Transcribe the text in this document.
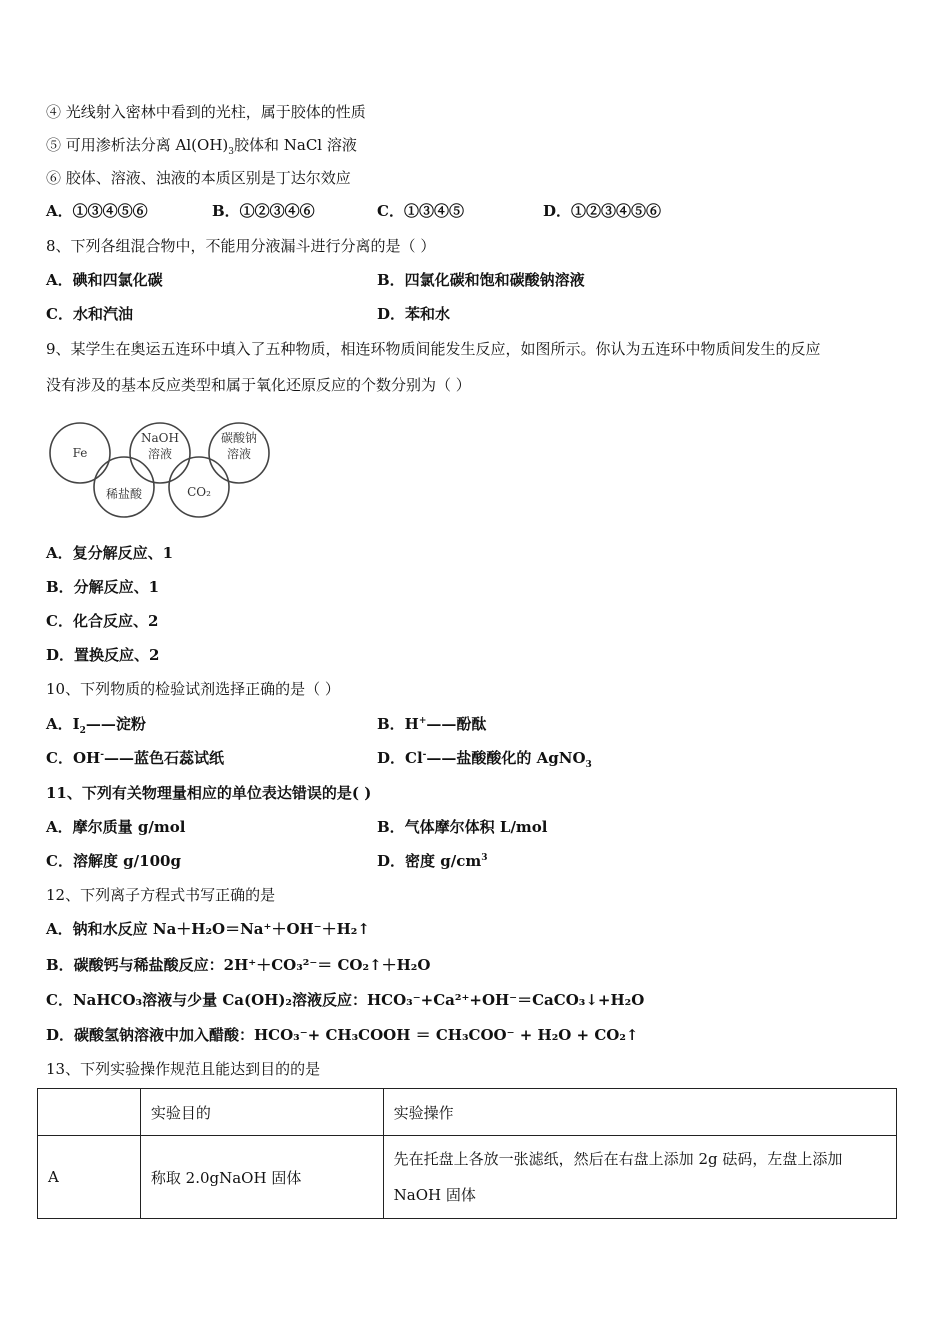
④ 光线射入密林中看到的光柱，属于胶体的性质
⑤ 可用渗析法分离 $Al(OH)_3$胶体和 NaCl 溶液
⑥ 胶体、溶液、浊液的本质区别是丁达尔效应
A．①③④⑤⑥	B．①②③④⑥	C．①③④⑤	D．①②③④⑤⑥
8、下列各组混合物中，不能用分液漏斗进行分离的是（ ）
A．碘和四氯化碳	B．四氯化碳和饱和碳酸钠溶液
C．水和汽油	D．苯和水
9、某学生在奥运五连环中填入了五种物质，相连环物质间能发生反应，如图所示。你认为五连环中物质间发生的反应
没有涉及的基本反应类型和属于氧化还原反应的个数分别为（ ）
Fe
NaOH
溶液
碳酸钠
溶液
稀盐酸	CO₂
A．复分解反应、1
B．分解反应、1
C．化合反应、2
D．置换反应、2
10、下列物质的检验试剂选择正确的是（ ）
A．$I_2——$淀粉	B．H+——酚酞
C．OH-——蓝色石蕊试纸	D．Cl-——盐酸酸化的 AgNO$_3$
11、下列有关物理量相应的单位表达错误的是( )
A．摩尔质量 g/mol	B．气体摩尔体积 L/mol
C．溶解度 g/100g	D．密度 $g/cm^3$
12、下列离子方程式书写正确的是
A．钠和水反应 Na＋H₂O＝Na⁺＋OH⁻＋H₂↑
B．碳酸钙与稀盐酸反应：2H⁺＋CO₃²⁻＝ CO₂↑＋H₂O
C．NaHCO₃溶液与少量 Ca(OH)₂溶液反应：HCO₃⁻+Ca²⁺+OH⁻＝CaCO₃↓+H₂O
D．碳酸氢钠溶液中加入醋酸：HCO₃⁻+ CH₃COOH ＝ CH₃COO⁻ + H₂O + CO₂↑
13、下列实验操作规范且能达到目的的是
	实验目的	实验操作
A	称取 2.0gNaOH 固体	先在托盘上各放一张滤纸，然后在右盘上添加 2g 砝码，左盘上添加
NaOH 固体
